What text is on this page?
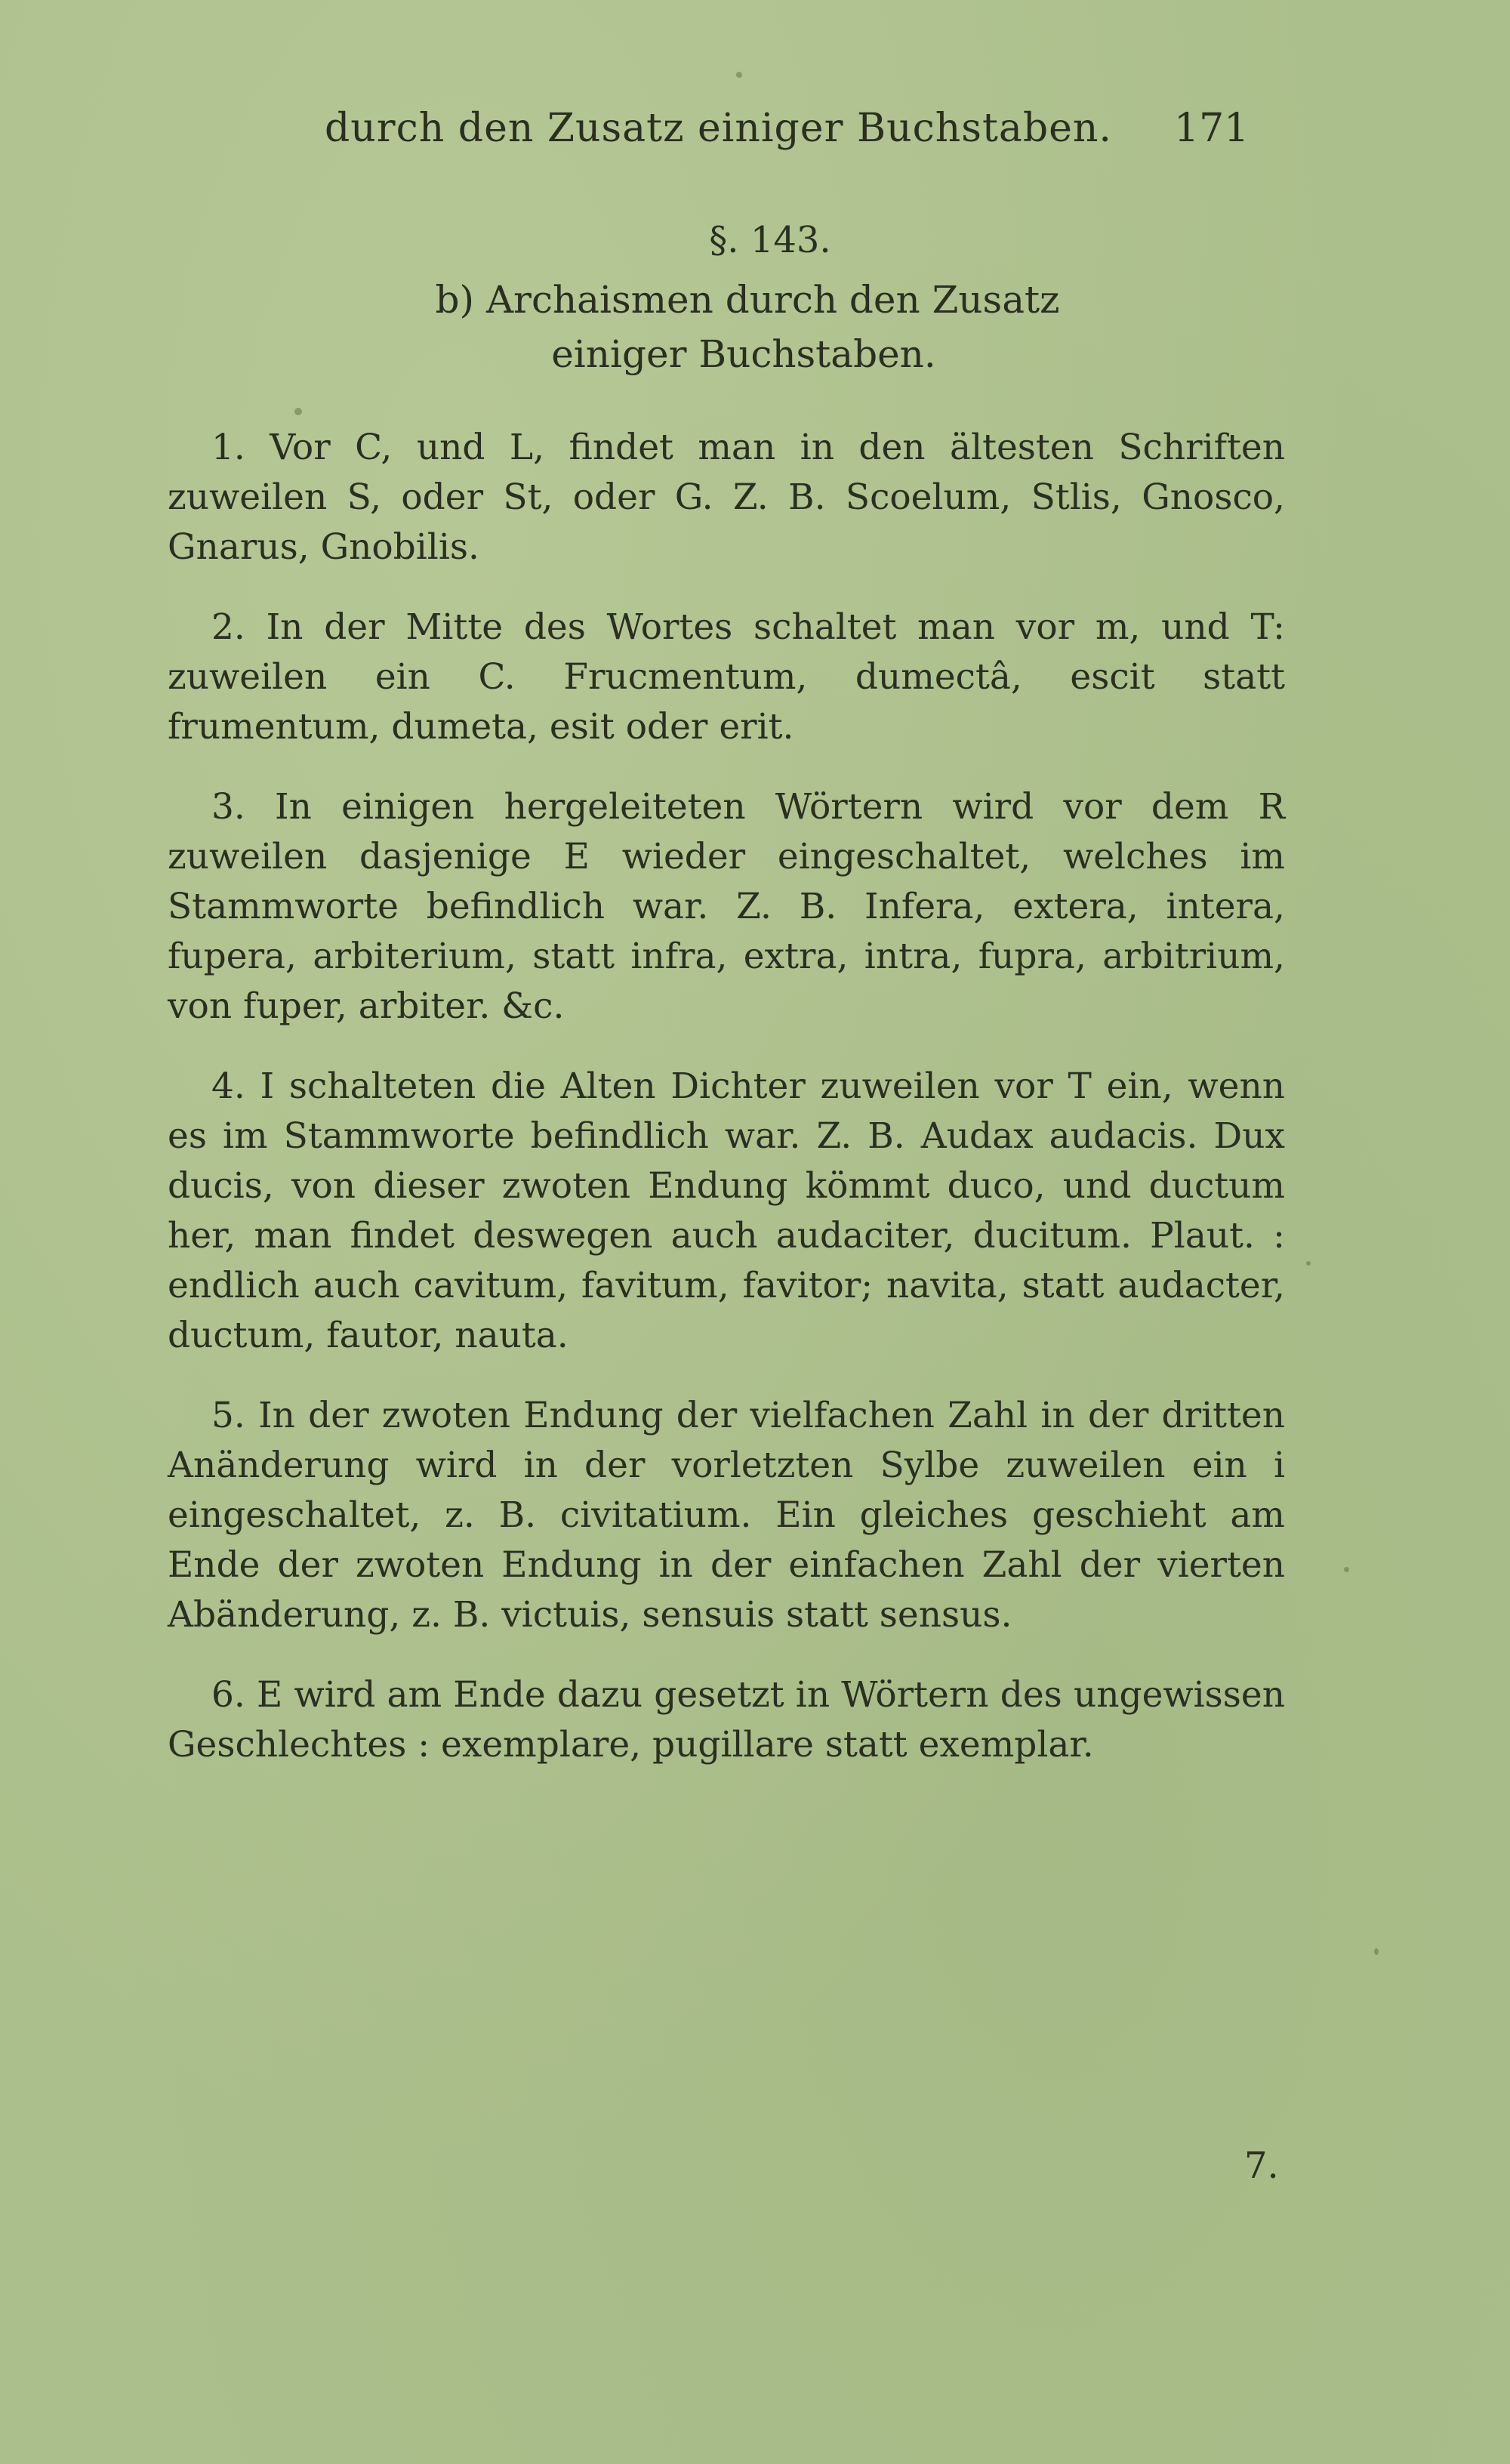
durch den Zusatz einiger Buchstaben. 171
§. 143.
b) Archaismen durch den Zusatz
einiger Buchstaben.

1. Vor C, und L, findet man in den ältesten Schriften zuweilen S, oder St, oder G. Z. B. Scoelum, Stlis, Gnosco, Gnarus, Gnobilis.

2. In der Mitte des Wortes schaltet man vor m, und T: zuweilen ein C. Frucmentum, dumectâ, escit statt frumentum, dumeta, esit oder erit.

3. In einigen hergeleiteten Wörtern wird vor dem R zuweilen dasjenige E wieder eingeschaltet, welches im Stammworte befindlich war. Z. B. Infera, extera, intera, fupera, arbiterium, statt infra, extra, intra, fupra, arbitrium, von fuper, arbiter. &c.

4. I schalteten die Alten Dichter zuweilen vor T ein, wenn es im Stammworte befindlich war. Z. B. Audax audacis. Dux ducis, von dieser zwoten Endung kömmt duco, und ductum her, man findet deswegen auch audaciter, ducitum. Plaut. : endlich auch cavitum, favitum, favitor; navita, statt audacter, ductum, fautor, nauta.

5. In der zwoten Endung der vielfachen Zahl in der dritten Anänderung wird in der vorletzten Sylbe zuweilen ein i eingeschaltet, z. B. civitatium. Ein gleiches geschieht am Ende der zwoten Endung in der einfachen Zahl der vierten Abänderung, z. B. victuis, sensuis statt sensus.

6. E wird am Ende dazu gesetzt in Wörtern des ungewissen Geschlechtes : exemplare, pugillare statt exemplar.

7.
